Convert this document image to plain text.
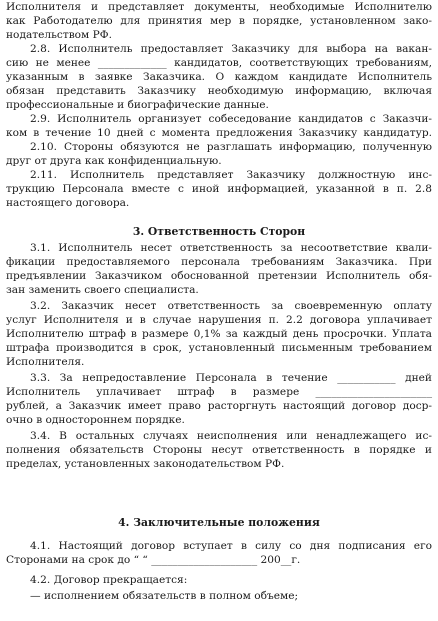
Исполнителя и представляет документы, необходимые Исполнителю
как Работодателю для принятия мер в порядке, установленном зако-
нодательством РФ.
2.8. Исполнитель предоставляет Заказчику для выбора на вакан-
сию не менее _____________ кандидатов, соответствующих требованиям,
указанным в заявке Заказчика. О каждом кандидате Исполнитель
обязан представить Заказчику необходимую информацию, включая
профессиональные и биографические данные.
2.9. Исполнитель организует собеседование кандидатов с Заказчи-
ком в течение 10 дней с момента предложения Заказчику кандидатур.
2.10. Стороны обязуются не разглашать информацию, полученную
друг от друга как конфиденциальную.
2.11. Исполнитель представляет Заказчику должностную инс-
трукцию Персонала вместе с иной информацией, указанной в п. 2.8
настоящего договора.
3. Ответственность Сторон
3.1. Исполнитель несет ответственность за несоответствие квали-
фикации предоставляемого персонала требованиям Заказчика. При
предъявлении Заказчиком обоснованной претензии Исполнитель обя-
зан заменить своего специалиста.
3.2. Заказчик несет ответственность за своевременную оплату
услуг Исполнителя и в случае нарушения п. 2.2 договора уплачивает
Исполнителю штраф в размере 0,1% за каждый день просрочки. Уплата
штрафа производится в срок, установленный письменным требованием
Исполнителя.
3.3. За непредоставление Персонала в течение ___________ дней
Исполнитель уплачивает штраф в размере ______________________
рублей, а Заказчик имеет право расторгнуть настоящий договор доср-
очно в одностороннем порядке.
3.4. В остальных случаях неисполнения или ненадлежащего ис-
полнения обязательств Стороны несут ответственность в порядке и
пределах, установленных законодательством РФ.
4. Заключительные положения
4.1. Настоящий договор вступает в силу со дня подписания его
Сторонами на срок до “ “ ____________________ 200__г.
4.2. Договор прекращается:
— исполнением обязательств в полном объеме;
